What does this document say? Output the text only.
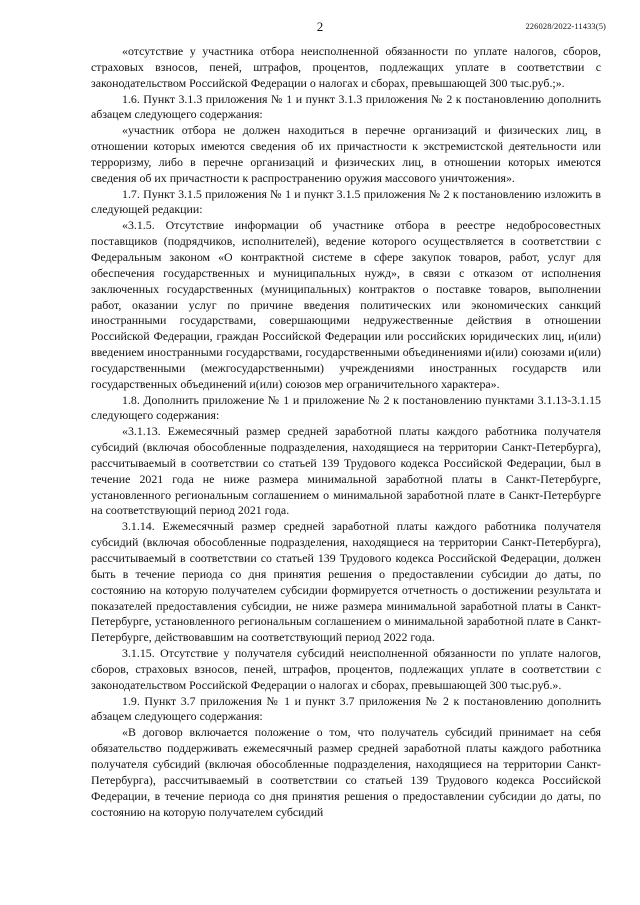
2	226028/2022-11433(5)

«отсутствие у участника отбора неисполненной обязанности по уплате налогов, сборов, страховых взносов, пеней, штрафов, процентов, подлежащих уплате в соответствии с законодательством Российской Федерации о налогах и сборах, превышающей 300 тыс.руб.;».

1.6. Пункт 3.1.3 приложения № 1 и пункт 3.1.3 приложения № 2 к постановлению дополнить абзацем следующего содержания:

«участник отбора не должен находиться в перечне организаций и физических лиц, в отношении которых имеются сведения об их причастности к экстремистской деятельности или терроризму, либо в перечне организаций и физических лиц, в отношении которых имеются сведения об их причастности к распространению оружия массового уничтожения».

1.7. Пункт 3.1.5 приложения № 1 и пункт 3.1.5 приложения № 2 к постановлению изложить в следующей редакции:

«3.1.5. Отсутствие информации об участнике отбора в реестре недобросовестных поставщиков (подрядчиков, исполнителей), ведение которого осуществляется в соответствии с Федеральным законом «О контрактной системе в сфере закупок товаров, работ, услуг для обеспечения государственных и муниципальных нужд», в связи с отказом от исполнения заключенных государственных (муниципальных) контрактов о поставке товаров, выполнении работ, оказании услуг по причине введения политических или экономических санкций иностранными государствами, совершающими недружественные действия в отношении Российской Федерации, граждан Российской Федерации или российских юридических лиц, и(или) введением иностранными государствами, государственными объединениями и(или) союзами и(или) государственными (межгосударственными) учреждениями иностранных государств или государственных объединений и(или) союзов мер ограничительного характера».

1.8. Дополнить приложение № 1 и приложение № 2 к постановлению пунктами 3.1.13-3.1.15 следующего содержания:

«3.1.13. Ежемесячный размер средней заработной платы каждого работника получателя субсидий (включая обособленные подразделения, находящиеся на территории Санкт-Петербурга), рассчитываемый в соответствии со статьей 139 Трудового кодекса Российской Федерации, был в течение 2021 года не ниже размера минимальной заработной платы в Санкт-Петербурге, установленного региональным соглашением о минимальной заработной плате в Санкт-Петербурге на соответствующий период 2021 года.

3.1.14. Ежемесячный размер средней заработной платы каждого работника получателя субсидий (включая обособленные подразделения, находящиеся на территории Санкт-Петербурга), рассчитываемый в соответствии со статьей 139 Трудового кодекса Российской Федерации, должен быть в течение периода со дня принятия решения о предоставлении субсидии до даты, по состоянию на которую получателем субсидии формируется отчетность о достижении результата и показателей предоставления субсидии, не ниже размера минимальной заработной платы в Санкт-Петербурге, установленного региональным соглашением о минимальной заработной плате в Санкт-Петербурге, действовавшим на соответствующий период 2022 года.

3.1.15. Отсутствие у получателя субсидий неисполненной обязанности по уплате налогов, сборов, страховых взносов, пеней, штрафов, процентов, подлежащих уплате в соответствии с законодательством Российской Федерации о налогах и сборах, превышающей 300 тыс.руб.».

1.9. Пункт 3.7 приложения № 1 и пункт 3.7 приложения № 2 к постановлению дополнить абзацем следующего содержания:

«В договор включается положение о том, что получатель субсидий принимает на себя обязательство поддерживать ежемесячный размер средней заработной платы каждого работника получателя субсидий (включая обособленные подразделения, находящиеся на территории Санкт-Петербурга), рассчитываемый в соответствии со статьей 139 Трудового кодекса Российской Федерации, в течение периода со дня принятия решения о предоставлении субсидии до даты, по состоянию на которую получателем субсидий
